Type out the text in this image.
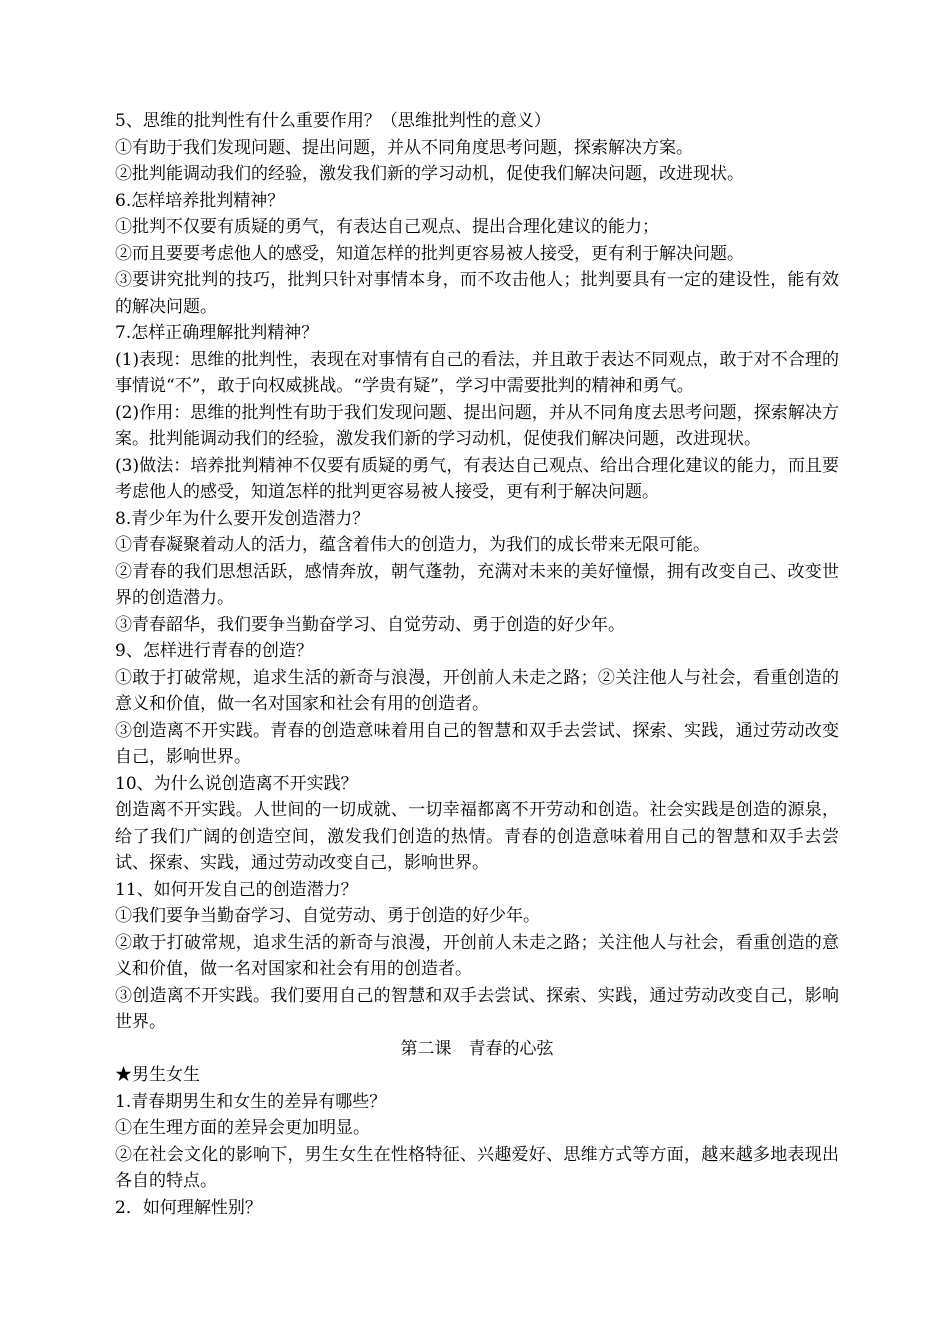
5、思维的批判性有什么重要作用？（思维批判性的意义）

①有助于我们发现问题、提出问题，并从不同角度思考问题，探索解决方案。

②批判能调动我们的经验，激发我们新的学习动机，促使我们解决问题，改进现状。

6.怎样培养批判精神？

①批判不仅要有质疑的勇气，有表达自己观点、提出合理化建议的能力；

②而且要要考虑他人的感受，知道怎样的批判更容易被人接受，更有利于解决问题。

③要讲究批判的技巧，批判只针对事情本身，而不攻击他人；批判要具有一定的建设性，能有效的解决问题。

7.怎样正确理解批判精神？

(1)表现：思维的批判性，表现在对事情有自己的看法，并且敢于表达不同观点，敢于对不合理的事情说“不”，敢于向权威挑战。“学贵有疑”，学习中需要批判的精神和勇气。

(2)作用：思维的批判性有助于我们发现问题、提出问题，并从不同角度去思考问题，探索解决方案。批判能调动我们的经验，激发我们新的学习动机，促使我们解决问题，改进现状。

(3)做法：培养批判精神不仅要有质疑的勇气，有表达自己观点、给出合理化建议的能力，而且要考虑他人的感受，知道怎样的批判更容易被人接受，更有利于解决问题。

8.青少年为什么要开发创造潜力？

①青春凝聚着动人的活力，蕴含着伟大的创造力，为我们的成长带来无限可能。

②青春的我们思想活跃，感情奔放，朝气蓬勃，充满对未来的美好憧憬，拥有改变自己、改变世界的创造潜力。

③青春韶华，我们要争当勤奋学习、自觉劳动、勇于创造的好少年。

9、怎样进行青春的创造？

①敢于打破常规，追求生活的新奇与浪漫，开创前人未走之路；②关注他人与社会，看重创造的意义和价值，做一名对国家和社会有用的创造者。

③创造离不开实践。青春的创造意味着用自己的智慧和双手去尝试、探索、实践，通过劳动改变自己，影响世界。

10、为什么说创造离不开实践？

创造离不开实践。人世间的一切成就、一切幸福都离不开劳动和创造。社会实践是创造的源泉，给了我们广阔的创造空间，激发我们创造的热情。青春的创造意味着用自己的智慧和双手去尝试、探索、实践，通过劳动改变自己，影响世界。

11、如何开发自己的创造潜力？

①我们要争当勤奋学习、自觉劳动、勇于创造的好少年。

②敢于打破常规，追求生活的新奇与浪漫，开创前人未走之路；关注他人与社会，看重创造的意义和价值，做一名对国家和社会有用的创造者。

③创造离不开实践。我们要用自己的智慧和双手去尝试、探索、实践，通过劳动改变自己，影响世界。

第二课　青春的心弦

★男生女生

1.青春期男生和女生的差异有哪些？

①在生理方面的差异会更加明显。

②在社会文化的影响下，男生女生在性格特征、兴趣爱好、思维方式等方面，越来越多地表现出各自的特点。

2．如何理解性别？
